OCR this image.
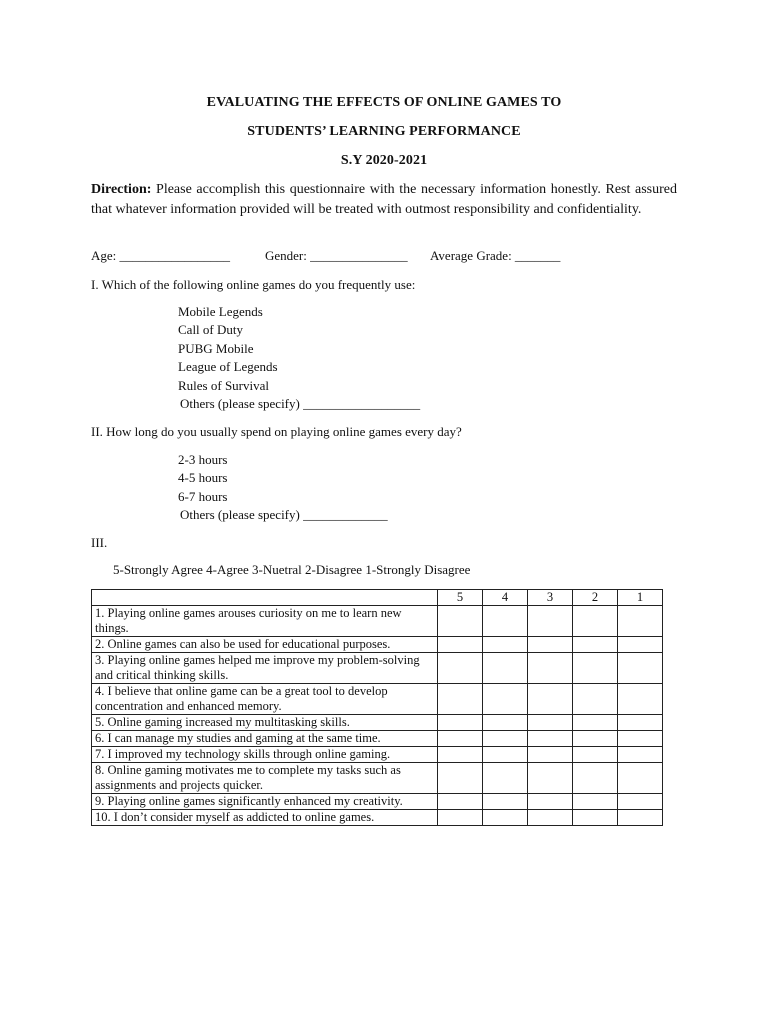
EVALUATING THE EFFECTS OF ONLINE GAMES TO
STUDENTS’ LEARNING PERFORMANCE
S.Y 2020-2021
Direction: Please accomplish this questionnaire with the necessary information honestly. Rest assured that whatever information provided will be treated with outmost responsibility and confidentiality.
Age: _________________	Gender: _______________ Average Grade: _______
I. Which of the following online games do you frequently use:
Mobile Legends
Call of Duty
PUBG Mobile
League of Legends
Rules of Survival
Others (please specify) __________________
II. How long do you usually spend on playing online games every day?
2-3 hours
4-5 hours
6-7 hours
Others (please specify) _____________
III.
5-Strongly Agree 4-Agree 3-Nuetral 2-Disagree 1-Strongly Disagree
	5	4	3	2	1
1. Playing online games arouses curiosity on me to learn new things.					
2. Online games can also be used for educational purposes.					
3. Playing online games helped me improve my problem-solving and critical thinking skills.					
4. I believe that online game can be a great tool to develop concentration and enhanced memory.					
5. Online gaming increased my multitasking skills.					
6. I can manage my studies and gaming at the same time.					
7. I improved my technology skills through online gaming.					
8. Online gaming motivates me to complete my tasks such as assignments and projects quicker.					
9. Playing online games significantly enhanced my creativity.					
10. I don’t consider myself as addicted to online games.					
